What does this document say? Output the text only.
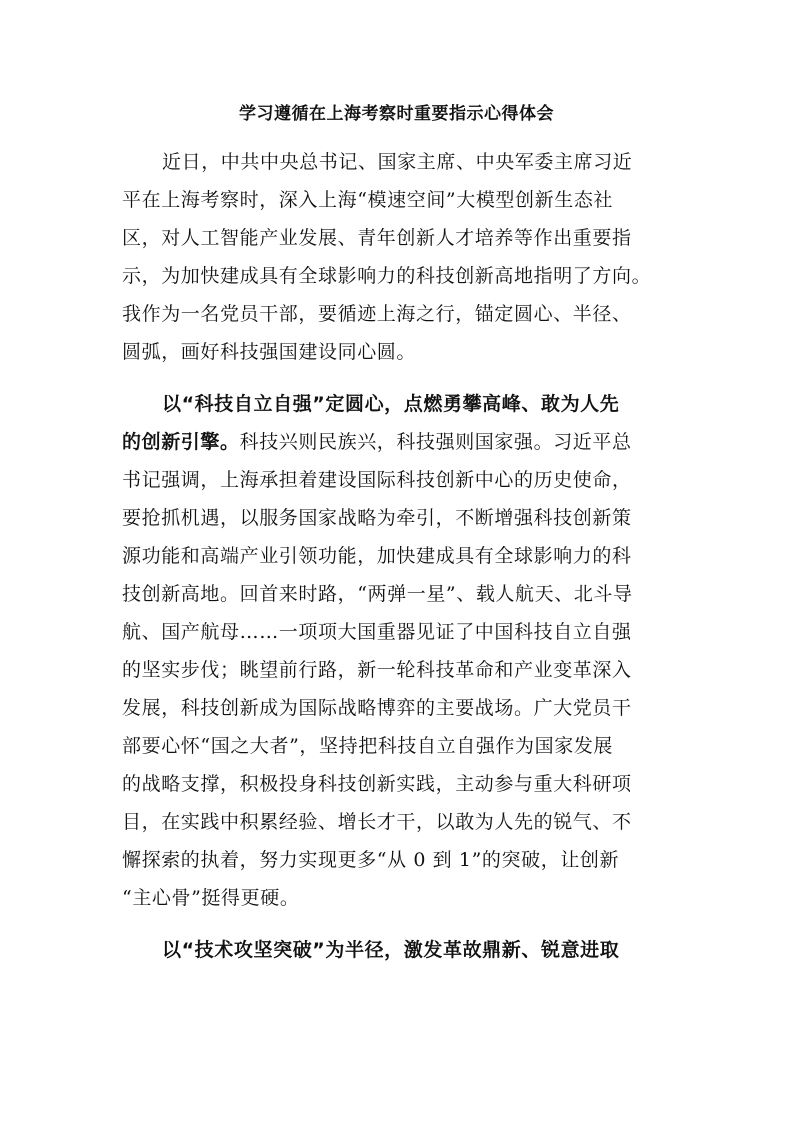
学习遵循在上海考察时重要指示心得体会
近日，中共中央总书记、国家主席、中央军委主席习近
平在上海考察时，深入上海“模速空间”大模型创新生态社
区，对人工智能产业发展、青年创新人才培养等作出重要指
示，为加快建成具有全球影响力的科技创新高地指明了方向。
我作为一名党员干部，要循迹上海之行，锚定圆心、半径、
圆弧，画好科技强国建设同心圆。
以“科技自立自强”定圆心，点燃勇攀高峰、敢为人先
的创新引擎。科技兴则民族兴，科技强则国家强。习近平总
书记强调，上海承担着建设国际科技创新中心的历史使命，
要抢抓机遇，以服务国家战略为牵引，不断增强科技创新策
源功能和高端产业引领功能，加快建成具有全球影响力的科
技创新高地。回首来时路，“两弹一星”、载人航天、北斗导
航、国产航母……一项项大国重器见证了中国科技自立自强
的坚实步伐；眺望前行路，新一轮科技革命和产业变革深入
发展，科技创新成为国际战略博弈的主要战场。广大党员干
部要心怀“国之大者”，坚持把科技自立自强作为国家发展
的战略支撑，积极投身科技创新实践，主动参与重大科研项
目，在实践中积累经验、增长才干，以敢为人先的锐气、不
懈探索的执着，努力实现更多“从 0 到 1”的突破，让创新
“主心骨”挺得更硬。
以“技术攻坚突破”为半径，激发革故鼎新、锐意进取
